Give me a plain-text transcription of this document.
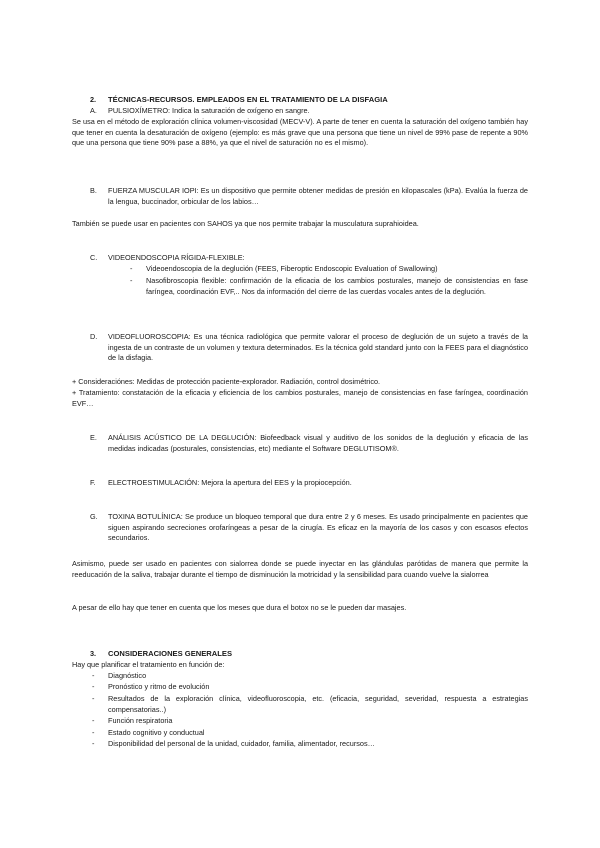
2. TÉCNICAS-RECURSOS. EMPLEADOS EN EL TRATAMIENTO DE LA DISFAGIA
A. PULSIOXÍMETRO: Indica la saturación de oxígeno en sangre.
Se usa en el método de exploración clínica volumen-viscosidad (MECV-V). A parte de tener en cuenta la saturación del oxígeno también hay que tener en cuenta la desaturación de oxígeno (ejemplo: es más grave que una persona que tiene un nivel de 99% pase de repente a 90% que una persona que tiene 90% pase a 88%, ya que el nivel de saturación no es el mismo).
B. FUERZA MUSCULAR IOPI: Es un dispositivo que permite obtener medidas de presión en kilopascales (kPa). Evalúa la fuerza de la lengua, buccinador, orbicular de los labios…
También se puede usar en pacientes con SAHOS ya que nos permite trabajar la musculatura suprahioidea.
C. VIDEOENDOSCOPIA RÍGIDA-FLEXIBLE:
- Videoendoscopia de la deglución (FEES, Fiberoptic Endoscopic Evaluation of Swallowing)
- Nasofibroscopia flexible: confirmación de la eficacia de los cambios posturales, manejo de consistencias en fase faríngea, coordinación EVF,.. Nos da información del cierre de las cuerdas vocales antes de la deglución.
D. VIDEOFLUOROSCOPIA: Es una técnica radiológica que permite valorar el proceso de deglución de un sujeto a través de la ingesta de un contraste de un volumen y textura determinados. Es la técnica gold standard junto con la FEES para el diagnóstico de la disfagia.
+ Consideraciónes: Medidas de protección paciente-explorador. Radiación, control dosimétrico.
+ Tratamiento: constatación de la eficacia y eficiencia de los cambios posturales, manejo de consistencias en fase faríngea, coordinación EVF…
E. ANÁLISIS ACÚSTICO DE LA DEGLUCIÓN: Biofeedback visual y auditivo de los sonidos de la deglución y eficacia de las medidas indicadas (posturales, consistencias, etc) mediante el Software DEGLUTISOM®.
F. ELECTROESTIMULACIÓN: Mejora la apertura del EES y la propiocepción.
G. TOXINA BOTULÍNICA: Se produce un bloqueo temporal que dura entre 2 y 6 meses. Es usado principalmente en pacientes que siguen aspirando secreciones orofaríngeas a pesar de la cirugía. Es eficaz en la mayoría de los casos y con escasos efectos secundarios.
Asimismo, puede ser usado en pacientes con sialorrea donde se puede inyectar en las glándulas parótidas de manera que permite la reeducación de la saliva, trabajar durante el tiempo de disminución la motricidad y la sensibilidad para cuando vuelve la sialorrea
A pesar de ello hay que tener en cuenta que los meses que dura el botox no se le pueden dar masajes.
3. CONSIDERACIONES GENERALES
Hay que planificar el tratamiento en función de:
- Diagnóstico
- Pronóstico y ritmo de evolución
- Resultados de la exploración clínica, videofluoroscopia, etc. (eficacia, seguridad, severidad, respuesta a estrategias compensatorias..)
- Función respiratoria
- Estado cognitivo y conductual
- Disponibilidad del personal de la unidad, cuidador, familia, alimentador, recursos…
